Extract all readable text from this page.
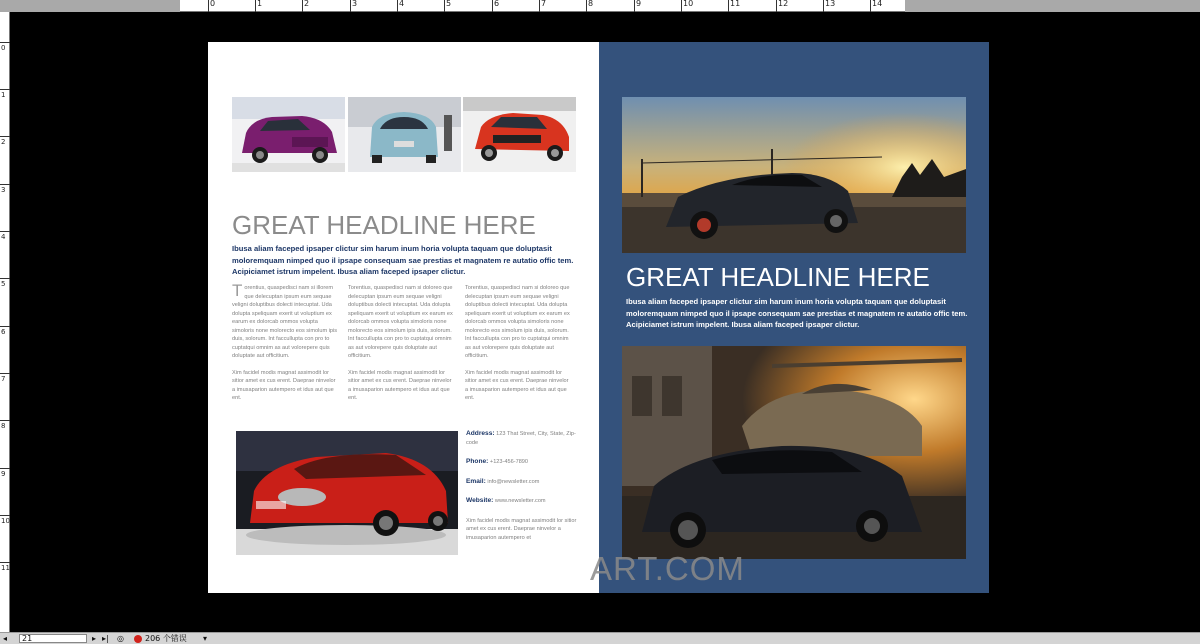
0	1	2	3	4	5	6	7	8	9	10	11	12	13	14
0
1
2
3
4
5
6
7
8
9
10
11
GREAT HEADLINE HERE
Ibusa aliam faceped ipsaper clictur sim harum inum horia volupta taquam que doluptasit moloremquam nimped quo il ipsape consequam sae prestias et magnatem re autatio offic tem. Acipiciamet istrum impelent. Ibusa aliam faceped ipsaper clictur.

Torentius, quaspedisci nam si illorem que delecuptan ipsum eum sequae veligni doluptibus dolecti intecuptat. Uda dolupta speliquam exerit ut voluptium ex earum ex dolorcab ommos volupta simoloris none molorecto eos simolum ipis duis, solorum. Int faccullupta con pro to cuptatqui omnim as aut volorepere quis doluptate aut officitium.

Xim facidel modis magnat assimodit lor sitior amet ex cus erent. Daeprae ninvelor a imusaparion autempero et idus aut que ent.

Torentius, quaspedisci nam si doloreo que delecuptan ipsum eum sequae veligni doluptibus dolecti intecuptat. Uda dolupta speliquam exerit ut voluptium ex earum ex dolorcab ommos volupta simoloris none molorecto eos simolum ipis duis, solorum. Int faccullupta con pro to cuptatqui omnim as aut volorepere quis doluptate aut officitium.

Xim facidel modis magnat assimodit lor sitior amet ex cus erent. Daeprae ninvelor a imusaparion autempero et idus aut que ent.

Torentius, quaspedisci nam si doloreo que delecuptan ipsum eum sequae veligni doluptibus dolecti intecuptat. Uda dolupta speliquam exerit ut voluptium ex earum ex dolorcab ommos volupta simoloris none molorecto eos simolum ipis duis, solorum. Int faccullupta con pro to cuptatqui omnim as aut volorepere quis doluptate aut officitium.

Xim facidel modis magnat assimodit lor sitior amet ex cus erent. Daeprae ninvelor a imusaparion autempero et idus aut que ent.

Address: 123 That Street, City, State, Zip-code
Phone: +123-456-7890
Email: info@newsletter.com
Website: www.newsletter.com
Xim facidel modis magnat assimodit lor sitior amet ex cus erent. Daeprae ninvelor a imusaparion autempero et
GREAT HEADLINE HERE
Ibusa aliam faceped ipsaper clictur sim harum inum horia volupta taquam que doluptasit moloremquam nimped quo il ipsape consequam sae prestias et magnatem re autatio offic tem. Acipiciamet istrum impelent. Ibusa aliam faceped ipsaper clictur.
ART.COM
◂ 21	▸ ▸| ◎	206 个错误 ▾
